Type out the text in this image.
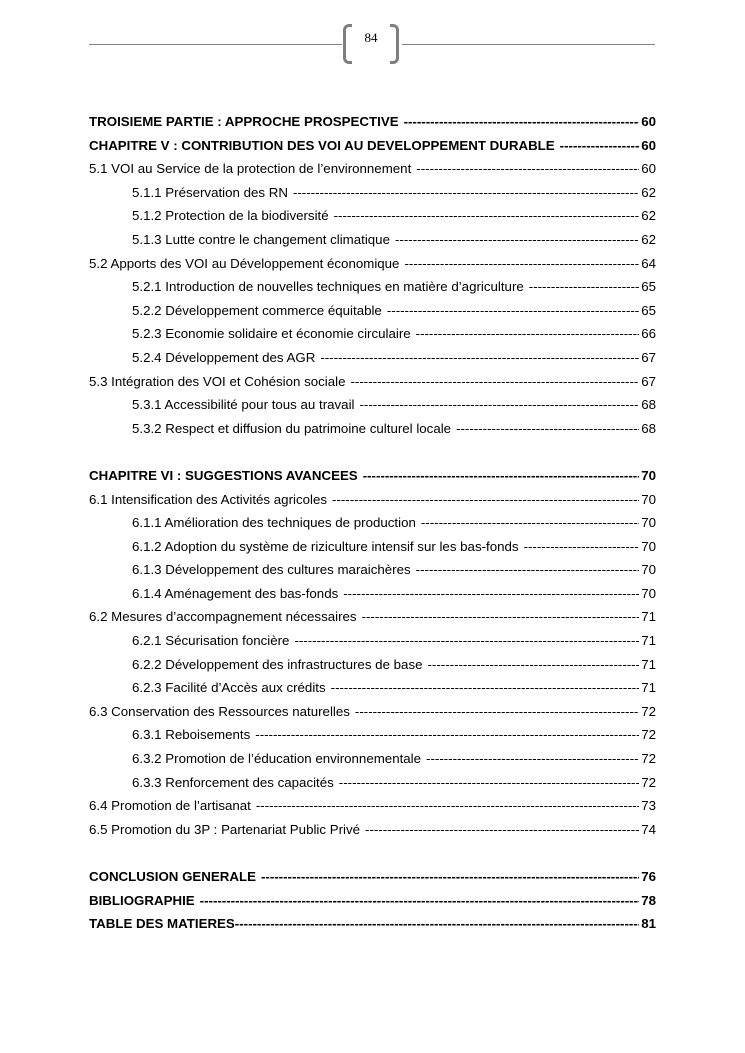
84
TROISIEME PARTIE : APPROCHE PROSPECTIVE -----	60
CHAPITRE V : CONTRIBUTION DES VOI AU DEVELOPPEMENT DURABLE -----	60
5.1 VOI au Service de la protection de l’environnement -----	60
5.1.1 Préservation des RN -----	62
5.1.2 Protection de la biodiversité -----	62
5.1.3 Lutte contre le changement climatique -----	62
5.2 Apports des VOI au Développement économique -----	64
5.2.1 Introduction de nouvelles techniques en matière d’agriculture -----	65
5.2.2 Développement commerce équitable -----	65
5.2.3 Economie solidaire et économie circulaire -----	66
5.2.4 Développement des AGR -----	67
5.3 Intégration des VOI et Cohésion sociale -----	67
5.3.1 Accessibilité pour tous au travail -----	68
5.3.2 Respect et diffusion du patrimoine culturel locale -----	68
CHAPITRE VI : SUGGESTIONS AVANCEES -----	70
6.1 Intensification des Activités agricoles -----	70
6.1.1 Amélioration des techniques de production -----	70
6.1.2 Adoption du système de riziculture intensif sur les bas-fonds -----	70
6.1.3 Développement des cultures maraichères -----	70
6.1.4 Aménagement des bas-fonds -----	70
6.2 Mesures d’accompagnement nécessaires -----	71
6.2.1 Sécurisation foncière -----	71
6.2.2 Développement des infrastructures de base -----	71
6.2.3 Facilité d’Accès aux crédits -----	71
6.3 Conservation des Ressources naturelles -----	72
6.3.1 Reboisements -----	72
6.3.2 Promotion de l’éducation environnementale -----	72
6.3.3 Renforcement des capacités -----	72
6.4 Promotion de l’artisanat -----	73
6.5 Promotion du 3P : Partenariat Public Privé -----	74
CONCLUSION GENERALE -----	76
BIBLIOGRAPHIE -----	78
TABLE DES MATIERES -----	81
